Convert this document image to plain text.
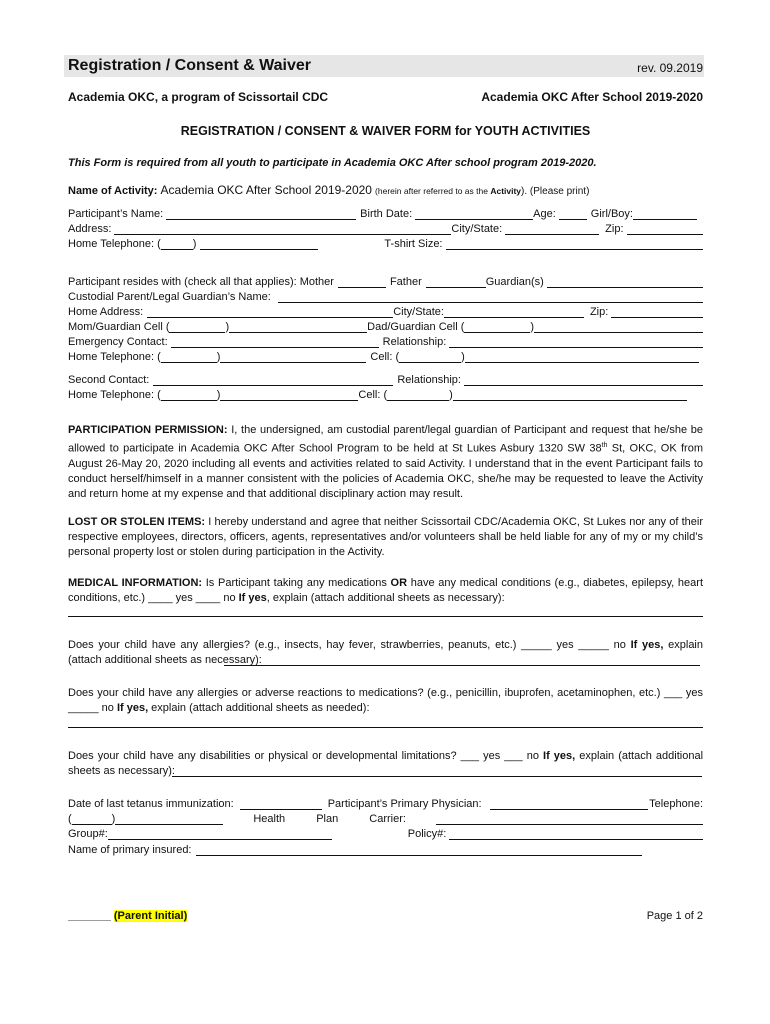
Registration / Consent & Waiver	rev. 09.2019
Academia OKC, a program of Scissortail CDC	Academia OKC After School 2019-2020
REGISTRATION / CONSENT & WAIVER FORM for YOUTH ACTIVITIES
This Form is required from all youth to participate in Academia OKC After school program 2019-2020.
Name of Activity: Academia OKC After School 2019-2020 (herein after referred to as the Activity). (Please print)
Participant’s Name:	Birth Date:	Age:	Girl/Boy:
Address:	City/State:	Zip:
Home Telephone: (	)	T-shirt Size:
Participant resides with (check all that applies): Mother	Father	Guardian(s)
Custodial Parent/Legal Guardian’s Name:
Home Address:	City/State:	Zip:
Mom/Guardian Cell (	)	Dad/Guardian Cell (	)
Emergency Contact:	Relationship:
Home Telephone: (	)	Cell: (	)
Second Contact:	Relationship:
Home Telephone: (	)	Cell: (	)
PARTICIPATION PERMISSION: I, the undersigned, am custodial parent/legal guardian of Participant and request that he/she be allowed to participate in Academia OKC After School Program to be held at St Lukes Asbury 1320 SW 38th St, OKC, OK from August 26-May 20, 2020 including all events and activities related to said Activity. I understand that in the event Participant fails to conduct herself/himself in a manner consistent with the policies of Academia OKC, she/he may be requested to leave the Activity and return home at my expense and that additional disciplinary action may result.
LOST OR STOLEN ITEMS: I hereby understand and agree that neither Scissortail CDC/Academia OKC, St Lukes nor any of their respective employees, directors, officers, agents, representatives and/or volunteers shall be held liable for any of my or my child’s personal property lost or stolen during participation in the Activity.
MEDICAL INFORMATION: Is Participant taking any medications OR have any medical conditions (e.g., diabetes, epilepsy, heart conditions, etc.) ____ yes ____ no If yes, explain (attach additional sheets as necessary):
Does your child have any allergies? (e.g., insects, hay fever, strawberries, peanuts, etc.) _____ yes _____ no If yes, explain (attach additional sheets as necessary):
Does your child have any allergies or adverse reactions to medications? (e.g., penicillin, ibuprofen, acetaminophen, etc.) ___ yes _____ no If yes, explain (attach additional sheets as needed):
Does your child have any disabilities or physical or developmental limitations? ___ yes ___ no If yes, explain (attach additional sheets as necessary):
Date of last tetanus immunization:	Participant’s Primary Physician:	Telephone:
(	)	Health Plan Carrier:
Group#:	Policy#:
Name of primary insured:
_______ (Parent Initial)	Page 1 of 2
